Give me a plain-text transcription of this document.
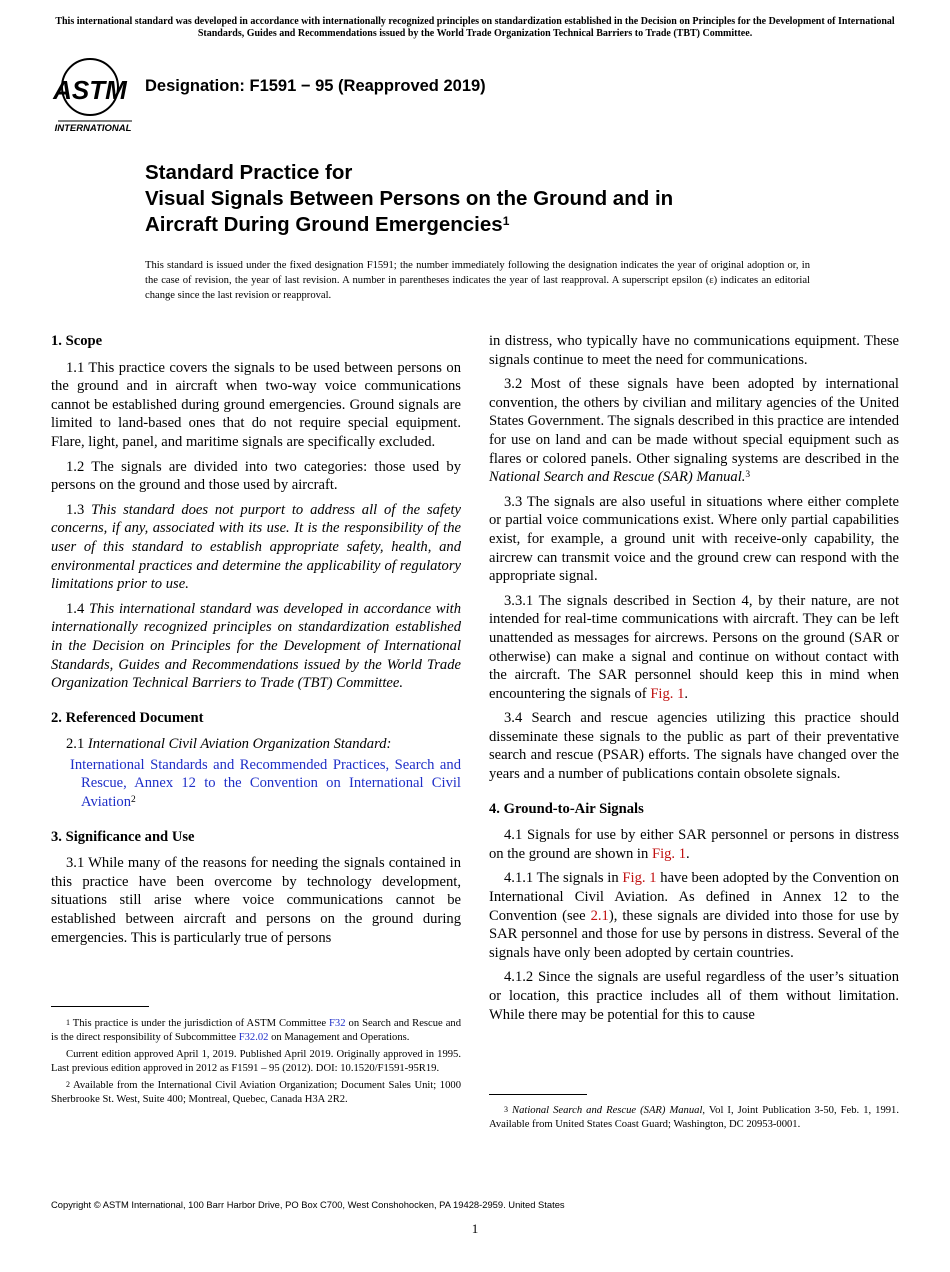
This international standard was developed in accordance with internationally recognized principles on standardization established in the Decision on Principles for the Development of International Standards, Guides and Recommendations issued by the World Trade Organization Technical Barriers to Trade (TBT) Committee.
ASTM
INTERNATIONAL
Designation: F1591 − 95 (Reapproved 2019)
Standard Practice for
Visual Signals Between Persons on the Ground and in
Aircraft During Ground Emergencies$^1$
This standard is issued under the fixed designation F1591; the number immediately following the designation indicates the year of original adoption or, in the case of revision, the year of last revision. A number in parentheses indicates the year of last reapproval. A superscript epsilon (ε) indicates an editorial change since the last revision or reapproval.
1. Scope

1.1 This practice covers the signals to be used between persons on the ground and in aircraft when two-way voice communications cannot be established during ground emergencies. Ground signals are limited to land-based ones that do not require special equipment. Flare, light, panel, and maritime signals are specifically excluded.

1.2 The signals are divided into two categories: those used by persons on the ground and those used by aircraft.

1.3 This standard does not purport to address all of the safety concerns, if any, associated with its use. It is the responsibility of the user of this standard to establish appropriate safety, health, and environmental practices and determine the applicability of regulatory limitations prior to use.

1.4 This international standard was developed in accordance with internationally recognized principles on standardization established in the Decision on Principles for the Development of International Standards, Guides and Recommendations issued by the World Trade Organization Technical Barriers to Trade (TBT) Committee.

2. Referenced Document

2.1 International Civil Aviation Organization Standard:

International Standards and Recommended Practices, Search and Rescue, Annex 12 to the Convention on International Civil Aviation$^2$

3. Significance and Use

3.1 While many of the reasons for needing the signals contained in this practice have been overcome by technology development, situations still arise where voice communications cannot be established between aircraft and persons on the ground during emergencies. This is particularly true of persons

in distress, who typically have no communications equipment. These signals continue to meet the need for communications.

3.2 Most of these signals have been adopted by international convention, the others by civilian and military agencies of the United States Government. The signals described in this practice are intended for use on land and can be made without special equipment such as flares or colored panels. Other signaling systems are described in the National Search and Rescue (SAR) Manual.$^3$

3.3 The signals are also useful in situations where either complete or partial voice communications exist. Where only partial capabilities exist, for example, a ground unit with receive-only capability, the aircrew can transmit voice and the ground crew can respond with the appropriate signal.

3.3.1 The signals described in Section 4, by their nature, are not intended for real-time communications with aircraft. They can be left unattended as messages for aircrews. Persons on the ground (SAR or otherwise) can make a signal and continue on without contact with the aircraft. The SAR personnel should keep this in mind when encountering the signals of Fig. 1.

3.4 Search and rescue agencies utilizing this practice should disseminate these signals to the public as part of their preventative search and rescue (PSAR) efforts. The signals have changed over the years and a number of publications contain obsolete signals.

4. Ground-to-Air Signals

4.1 Signals for use by either SAR personnel or persons in distress on the ground are shown in Fig. 1.

4.1.1 The signals in Fig. 1 have been adopted by the Convention on International Civil Aviation. As defined in Annex 12 to the Convention (see 2.1), these signals are divided into those for use by SAR personnel and those for use by persons in distress. Several of the signals have only been adopted by certain countries.

4.1.2 Since the signals are useful regardless of the user’s situation or location, this practice includes all of them without limitation. While there may be potential for this to cause

$^1$ This practice is under the jurisdiction of ASTM Committee F32 on Search and Rescue and is the direct responsibility of Subcommittee F32.02 on Management and Operations.

Current edition approved April 1, 2019. Published April 2019. Originally approved in 1995. Last previous edition approved in 2012 as F1591 – 95 (2012). DOI: 10.1520/F1591-95R19.

$^2$ Available from the International Civil Aviation Organization; Document Sales Unit; 1000 Sherbrooke St. West, Suite 400; Montreal, Quebec, Canada H3A 2R2.

$^3$ National Search and Rescue (SAR) Manual, Vol I, Joint Publication 3-50, Feb. 1, 1991. Available from United States Coast Guard; Washington, DC 20953-0001.

Copyright © ASTM International, 100 Barr Harbor Drive, PO Box C700, West Conshohocken, PA 19428-2959. United States
1
